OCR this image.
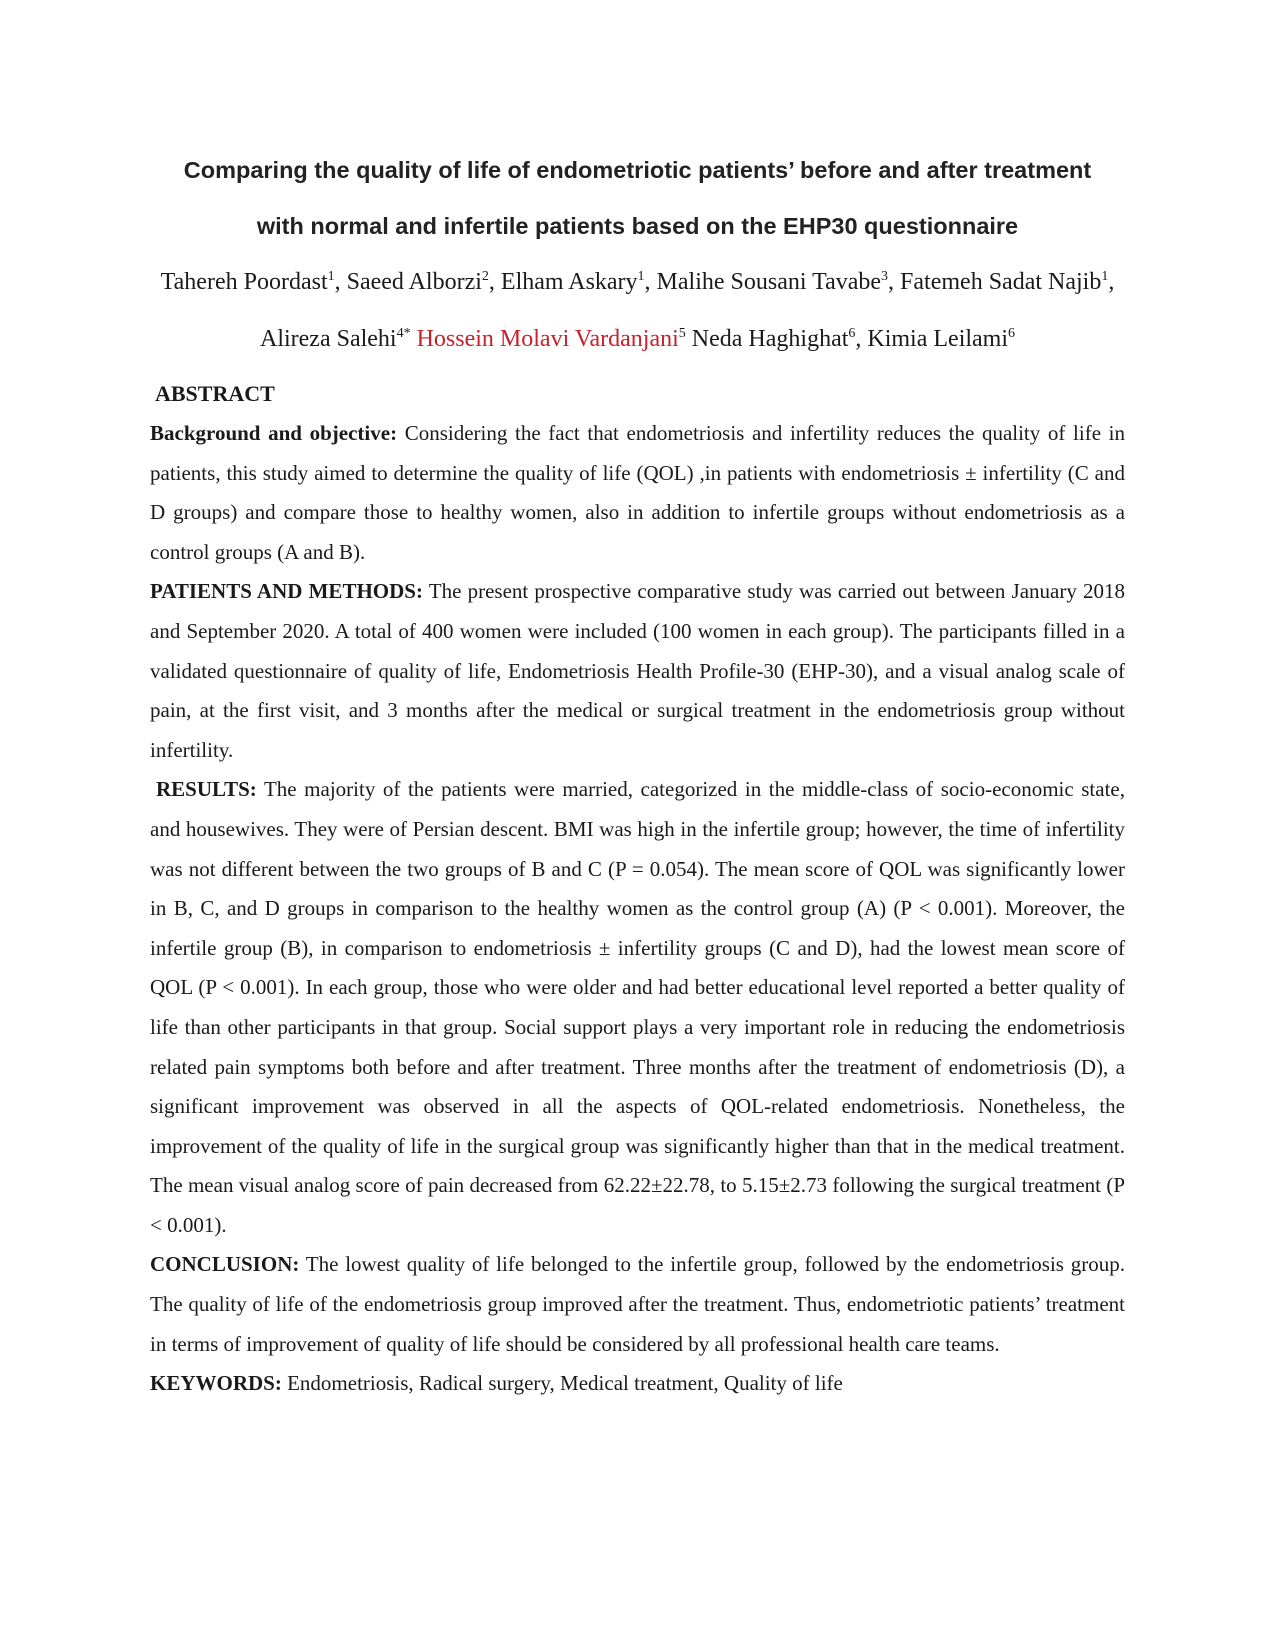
Comparing the quality of life of endometriotic patients’ before and after treatment
with normal and infertile patients based on the EHP30 questionnaire
Tahereh Poordast$^1$, Saeed Alborzi$^2$, Elham Askary$^1$, Malihe Sousani Tavabe$^3$, Fatemeh Sadat Najib$^1$, Alireza Salehi$^{4*}$ Hossein Molavi Vardanjani$^5$ Neda Haghighat$^6$, Kimia Leilami$^6$
ABSTRACT

Background and objective: Considering the fact that endometriosis and infertility reduces the quality of life in patients, this study aimed to determine the quality of life (QOL) ,in patients with endometriosis ± infertility (C and D groups) and compare those to healthy women, also in addition to infertile groups without endometriosis as a control groups (A and B).

PATIENTS AND METHODS: The present prospective comparative study was carried out between January 2018 and September 2020. A total of 400 women were included (100 women in each group). The participants filled in a validated questionnaire of quality of life, Endometriosis Health Profile-30 (EHP-30), and a visual analog scale of pain, at the first visit, and 3 months after the medical or surgical treatment in the endometriosis group without infertility.

RESULTS: The majority of the patients were married, categorized in the middle-class of socio-economic state, and housewives. They were of Persian descent. BMI was high in the infertile group; however, the time of infertility was not different between the two groups of B and C (P = 0.054). The mean score of QOL was significantly lower in B, C, and D groups in comparison to the healthy women as the control group (A) (P < 0.001). Moreover, the infertile group (B), in comparison to endometriosis ± infertility groups (C and D), had the lowest mean score of QOL (P < 0.001). In each group, those who were older and had better educational level reported a better quality of life than other participants in that group. Social support plays a very important role in reducing the endometriosis related pain symptoms both before and after treatment. Three months after the treatment of endometriosis (D), a significant improvement was observed in all the aspects of QOL-related endometriosis. Nonetheless, the improvement of the quality of life in the surgical group was significantly higher than that in the medical treatment. The mean visual analog score of pain decreased from 62.22±22.78, to 5.15±2.73 following the surgical treatment (P < 0.001).

CONCLUSION: The lowest quality of life belonged to the infertile group, followed by the endometriosis group. The quality of life of the endometriosis group improved after the treatment. Thus, endometriotic patients’ treatment in terms of improvement of quality of life should be considered by all professional health care teams.

KEYWORDS: Endometriosis, Radical surgery, Medical treatment, Quality of life
